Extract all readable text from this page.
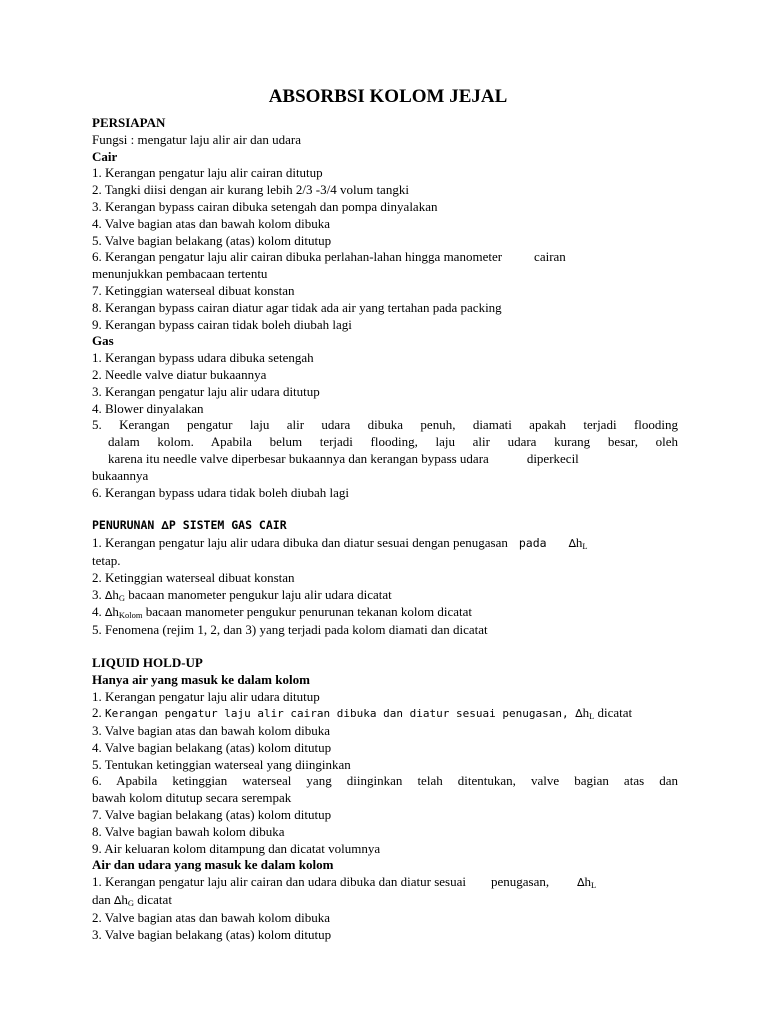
ABSORBSI KOLOM JEJAL
PERSIAPAN
Fungsi : mengatur laju alir air dan udara
Cair
1. Kerangan pengatur laju alir cairan ditutup
2. Tangki diisi dengan air kurang lebih 2/3 -3/4 volum tangki
3. Kerangan bypass cairan dibuka setengah dan pompa dinyalakan
4. Valve bagian atas dan bawah kolom dibuka
5. Valve bagian belakang (atas) kolom ditutup
6. Kerangan pengatur laju alir cairan dibuka perlahan-lahan hingga manometer cairan
menunjukkan pembacaan tertentu
7. Ketinggian waterseal dibuat konstan
8. Kerangan bypass cairan diatur agar tidak ada air yang tertahan pada packing
9. Kerangan bypass cairan tidak boleh diubah lagi
Gas
1. Kerangan bypass udara dibuka setengah
2. Needle valve diatur bukaannya
3. Kerangan pengatur laju alir udara ditutup
4. Blower dinyalakan
5. Kerangan pengatur laju alir udara dibuka penuh, diamati apakah terjadi flooding
dalam kolom. Apabila belum terjadi flooding, laju alir udara kurang besar, oleh
karena itu needle valve diperbesar bukaannya dan kerangan bypass udara	diperkecil
bukaannya
6. Kerangan bypass udara tidak boleh diubah lagi
PENURUNAN ∆P SISTEM GAS CAIR
1. Kerangan pengatur laju alir udara dibuka dan diatur sesuai dengan penugasan pada $\Delta h_L$
tetap.
2. Ketinggian waterseal dibuat konstan
3. $\Delta h_G$ bacaan manometer pengukur laju alir udara dicatat
4. $\Delta h_{Kolom}$ bacaan manometer pengukur penurunan tekanan kolom dicatat
5. Fenomena (rejim 1, 2, dan 3) yang terjadi pada kolom diamati dan dicatat
LIQUID HOLD-UP
Hanya air yang masuk ke dalam kolom
1. Kerangan pengatur laju alir udara ditutup
2. Kerangan pengatur laju alir cairan dibuka dan diatur sesuai penugasan, $\Delta h_L$ dicatat
3. Valve bagian atas dan bawah kolom dibuka
4. Valve bagian belakang (atas) kolom ditutup
5. Tentukan ketinggian waterseal yang diinginkan
6. Apabila ketinggian waterseal yang diinginkan telah ditentukan, valve bagian atas dan
bawah kolom ditutup secara serempak
7. Valve bagian belakang (atas) kolom ditutup
8. Valve bagian bawah kolom dibuka
9. Air keluaran kolom ditampung dan dicatat volumnya
Air dan udara yang masuk ke dalam kolom
1. Kerangan pengatur laju alir cairan dan udara dibuka dan diatur sesuai penugasan,	$\Delta h_L$
dan $\Delta h_G$ dicatat
2. Valve bagian atas dan bawah kolom dibuka
3. Valve bagian belakang (atas) kolom ditutup
